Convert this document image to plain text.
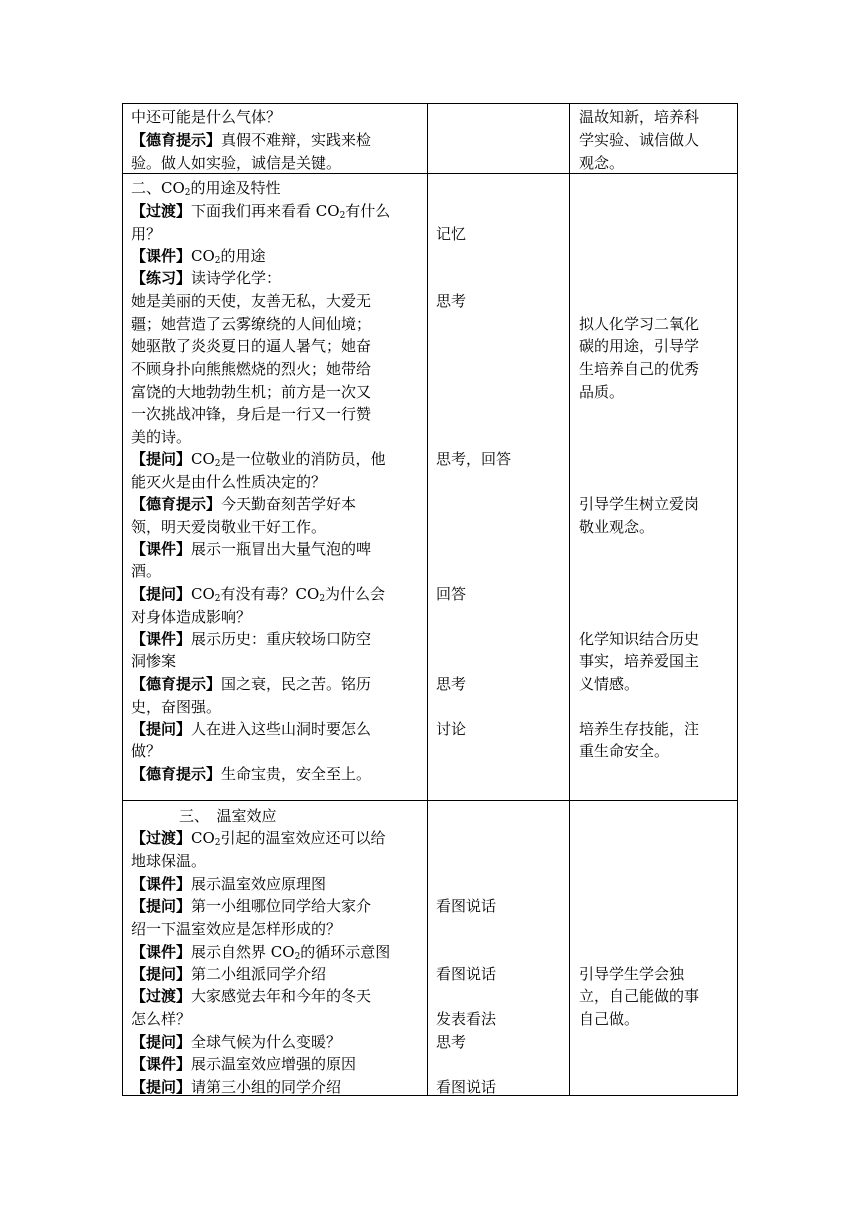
中还可能是什么气体？
【德育提示】真假不难辩，实践来检
验。做人如实验，诚信是关键。
温故知新，培养科
学实验、诚信做人
观念。
二、$CO_2$的用途及特性
【过渡】下面我们再来看看 $CO_2$有什么
用？
【课件】$CO_2$的用途
【练习】读诗学化学：
她是美丽的天使，友善无私，大爱无
疆；她营造了云雾缭绕的人间仙境；
她驱散了炎炎夏日的逼人暑气；她奋
不顾身扑向熊熊燃烧的烈火；她带给
富饶的大地勃勃生机；前方是一次又
一次挑战冲锋，身后是一行又一行赞
美的诗。
【提问】$CO_2$是一位敬业的消防员，他
能灭火是由什么性质决定的？
【德育提示】今天勤奋刻苦学好本
领，明天爱岗敬业干好工作。
【课件】展示一瓶冒出大量气泡的啤
酒。
【提问】$CO_2$有没有毒？$CO_2$为什么会
对身体造成影响？
【课件】展示历史：重庆较场口防空
洞惨案
【德育提示】国之衰，民之苦。铭历
史，奋图强。
【提问】人在进入这些山洞时要怎么
做？
【德育提示】生命宝贵，安全至上。
记忆
思考
思考，回答
回答
思考
讨论
拟人化学习二氧化
碳的用途，引导学
生培养自己的优秀
品质。
引导学生树立爱岗
敬业观念。
化学知识结合历史
事实，培养爱国主
义情感。
培养生存技能，注
重生命安全。
三、　温室效应
【过渡】$CO_2$引起的温室效应还可以给
地球保温。
【课件】展示温室效应原理图
【提问】第一小组哪位同学给大家介
绍一下温室效应是怎样形成的？
【课件】展示自然界 $CO_2$的循环示意图
【提问】第二小组派同学介绍
【过渡】大家感觉去年和今年的冬天
怎么样？
【提问】全球气候为什么变暖？
【课件】展示温室效应增强的原因
【提问】请第三小组的同学介绍
看图说话
看图说话
发表看法
思考
看图说话
引导学生学会独
立，自己能做的事
自己做。
